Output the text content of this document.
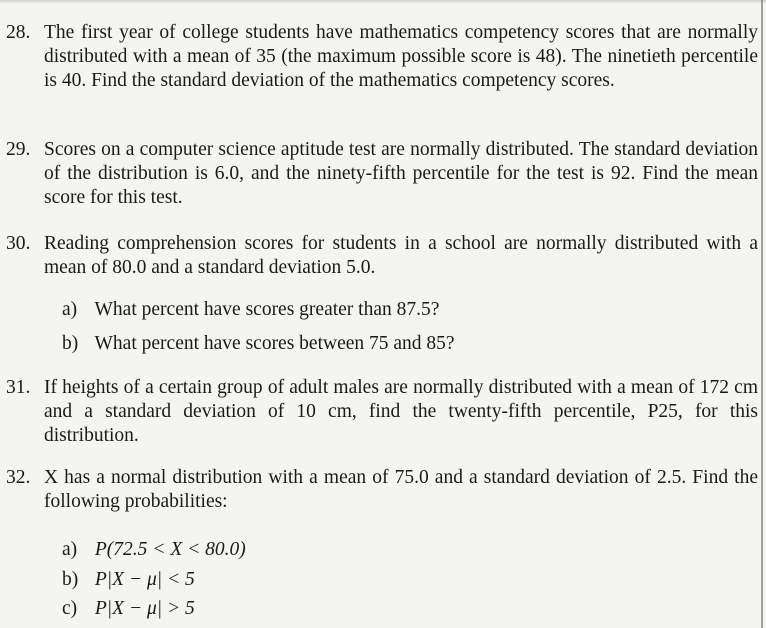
28. The first year of college students have mathematics competency scores that are normally distributed with a mean of 35 (the maximum possible score is 48). The ninetieth percentile is 40. Find the standard deviation of the mathematics competency scores.
29. Scores on a computer science aptitude test are normally distributed. The standard deviation of the distribution is 6.0, and the ninety-fifth percentile for the test is 92. Find the mean score for this test.
30. Reading comprehension scores for students in a school are normally distributed with a mean of 80.0 and a standard deviation 5.0.
a) What percent have scores greater than 87.5?
b) What percent have scores between 75 and 85?
31. If heights of a certain group of adult males are normally distributed with a mean of 172 cm and a standard deviation of 10 cm, find the twenty-fifth percentile, P25, for this distribution.
32. X has a normal distribution with a mean of 75.0 and a standard deviation of 2.5. Find the following probabilities:
a) P(72.5 < X < 80.0)
b) P|X − μ| < 5
c) P|X − μ| > 5
